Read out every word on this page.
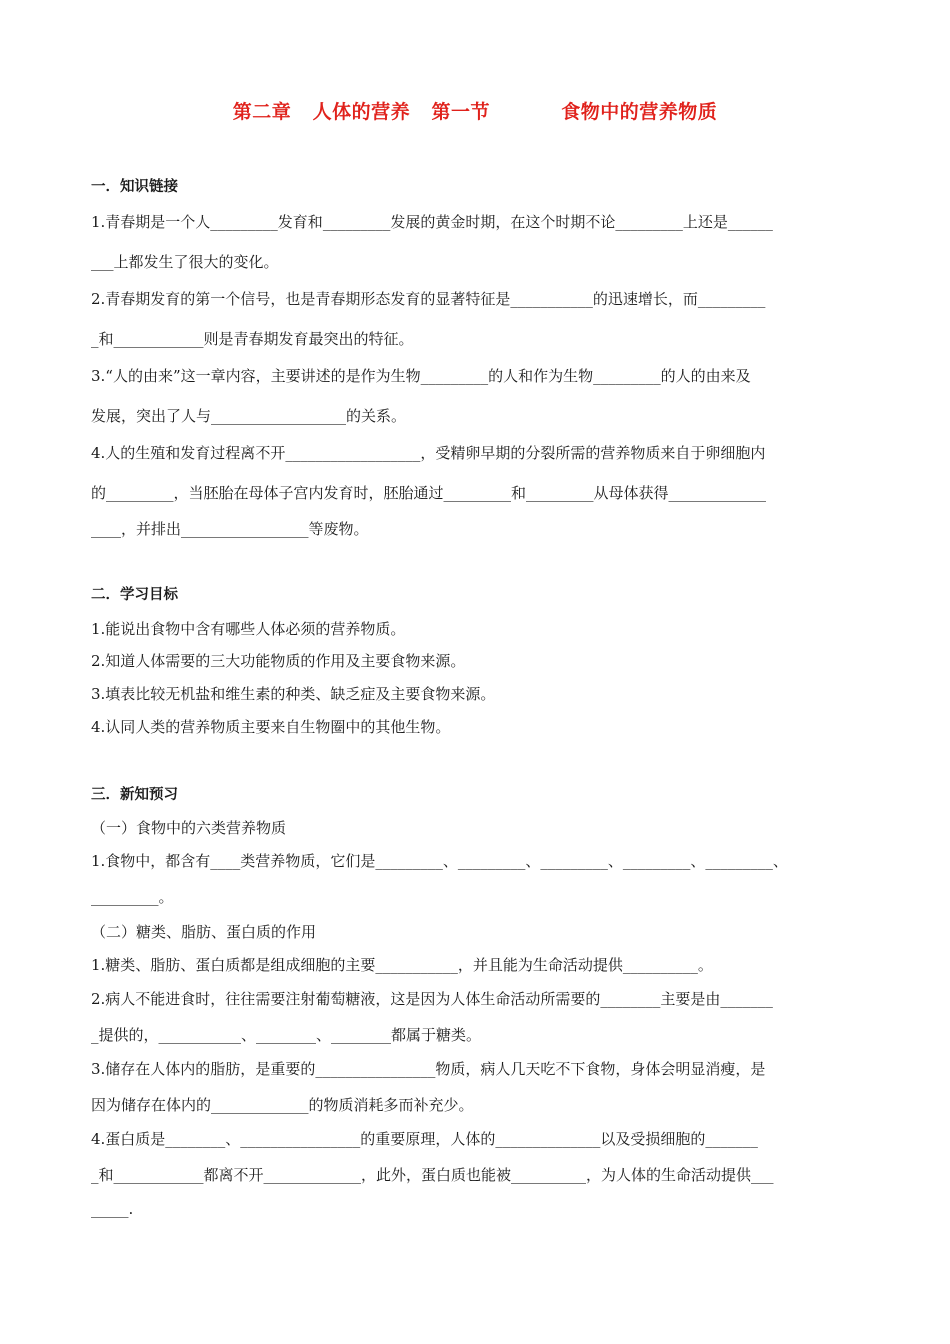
第二章 人体的营养 第一节	食物中的营养物质
一．知识链接
1.青春期是一个人_________发育和_________发展的黄金时期，在这个时期不论_________上还是______
___上都发生了很大的变化。
2.青春期发育的第一个信号，也是青春期形态发育的显著特征是___________的迅速增长，而_________
_和____________则是青春期发育最突出的特征。
3.“人的由来”这一章内容，主要讲述的是作为生物_________的人和作为生物_________的人的由来及
发展，突出了人与__________________的关系。
4.人的生殖和发育过程离不开__________________，受精卵早期的分裂所需的营养物质来自于卵细胞内
的_________，当胚胎在母体子宫内发育时，胚胎通过_________和_________从母体获得_____________
____，并排出_________________等废物。
二．学习目标
1.能说出食物中含有哪些人体必须的营养物质。
2.知道人体需要的三大功能物质的作用及主要食物来源。
3.填表比较无机盐和维生素的种类、缺乏症及主要食物来源。
4.认同人类的营养物质主要来自生物圈中的其他生物。
三．新知预习
（一）食物中的六类营养物质
1.食物中，都含有____类营养物质，它们是_________、_________、_________、_________、_________、
_________。
（二）糖类、脂肪、蛋白质的作用
1.糖类、脂肪、蛋白质都是组成细胞的主要___________，并且能为生命活动提供__________。
2.病人不能进食时，往往需要注射葡萄糖液，这是因为人体生命活动所需要的________主要是由_______
_提供的，___________、________、________都属于糖类。
3.储存在人体内的脂肪，是重要的________________物质，病人几天吃不下食物，身体会明显消瘦，是
因为储存在体内的_____________的物质消耗多而补充少。
4.蛋白质是________、________________的重要原理，人体的______________以及受损细胞的_______
_和____________都离不开_____________，此外，蛋白质也能被__________，为人体的生命活动提供___
_____.
